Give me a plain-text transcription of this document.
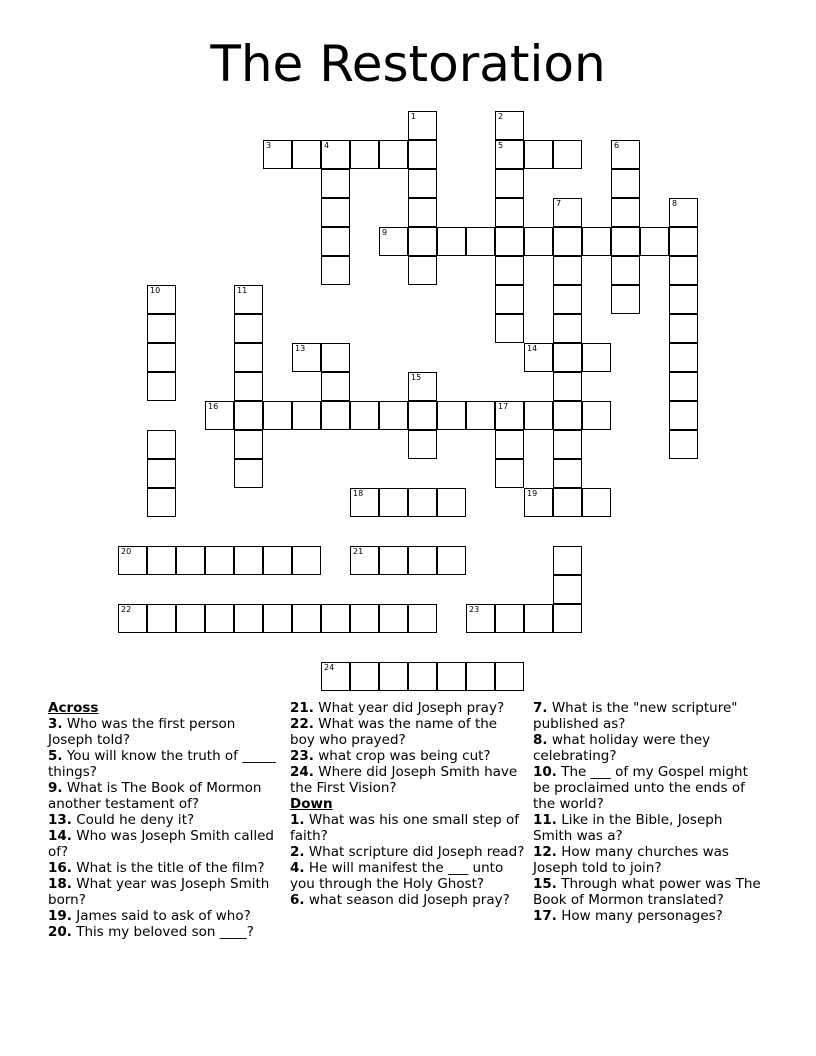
The Restoration
1	2
3	4	5	6
7	8
9
10	11
13	14
15
16	17
18	19
20	21
22	23
24
Across
3. Who was the first person Joseph told?
5. You will know the truth of _____ things?
9. What is The Book of Mormon another testament of?
13. Could he deny it?
14. Who was Joseph Smith called of?
16. What is the title of the film?
18. What year was Joseph Smith born?
19. James said to ask of who?
20. This my beloved son ____?
21. What year did Joseph pray?
22. What was the name of the boy who prayed?
23. what crop was being cut?
24. Where did Joseph Smith have the First Vision?
Down
1. What was his one small step of faith?
2. What scripture did Joseph read?
4. He will manifest the ___ unto you through the Holy Ghost?
6. what season did Joseph pray?
7. What is the "new scripture" published as?
8. what holiday were they celebrating?
10. The ___ of my Gospel might be proclaimed unto the ends of the world?
11. Like in the Bible, Joseph Smith was a?
12. How many churches was Joseph told to join?
15. Through what power was The Book of Mormon translated?
17. How many personages?
